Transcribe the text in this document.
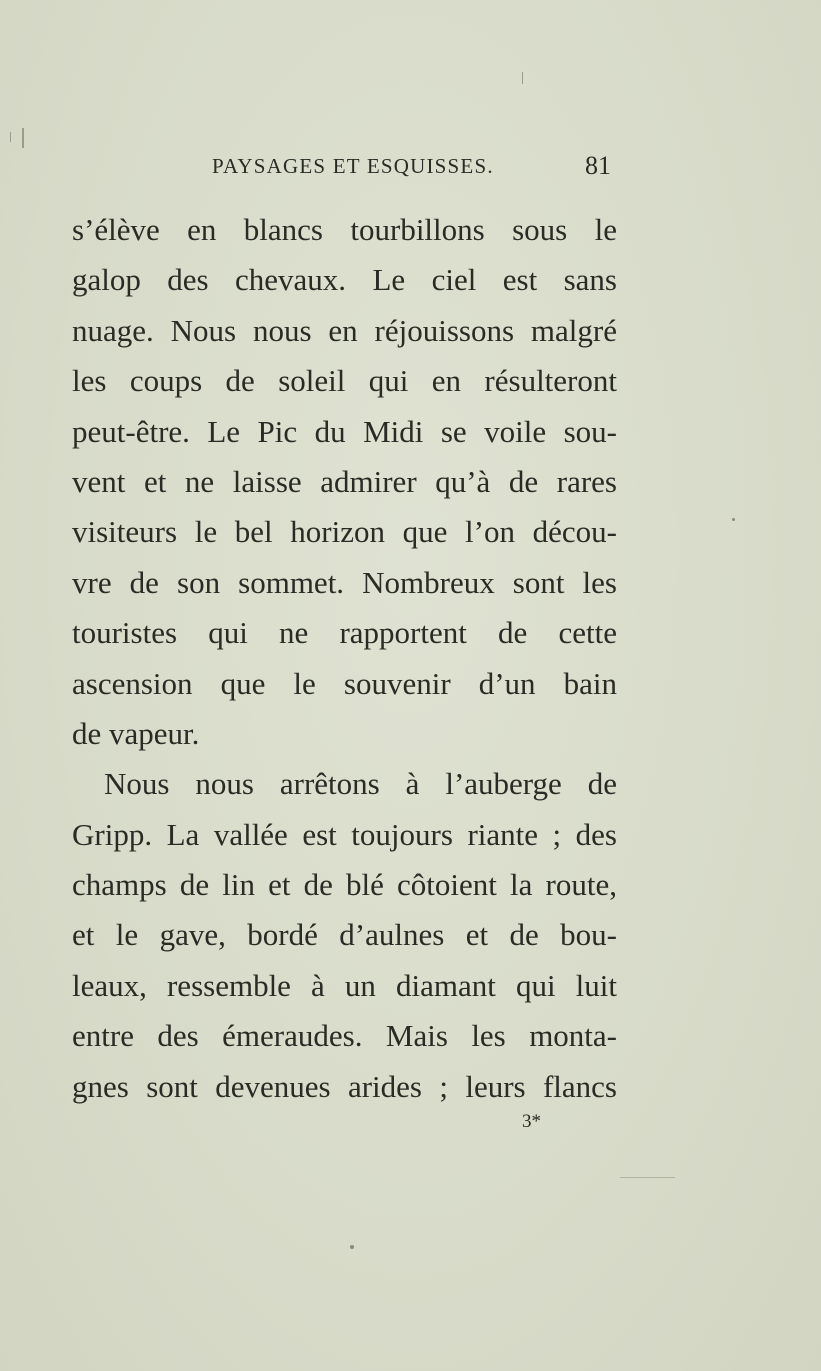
PAYSAGES ET ESQUISSES.	81
s’élève en blancs tourbillons sous le
galop des chevaux. Le ciel est sans
nuage. Nous nous en réjouissons malgré
les coups de soleil qui en résulteront
peut-être. Le Pic du Midi se voile sou-
vent et ne laisse admirer qu’à de rares
visiteurs le bel horizon que l’on décou-
vre de son sommet. Nombreux sont les
touristes qui ne rapportent de cette
ascension que le souvenir d’un bain
de vapeur.
Nous nous arrêtons à l’auberge de
Gripp. La vallée est toujours riante ; des
champs de lin et de blé côtoient la route,
et le gave, bordé d’aulnes et de bou-
leaux, ressemble à un diamant qui luit
entre des émeraudes. Mais les monta-
gnes sont devenues arides ; leurs flancs
3*
